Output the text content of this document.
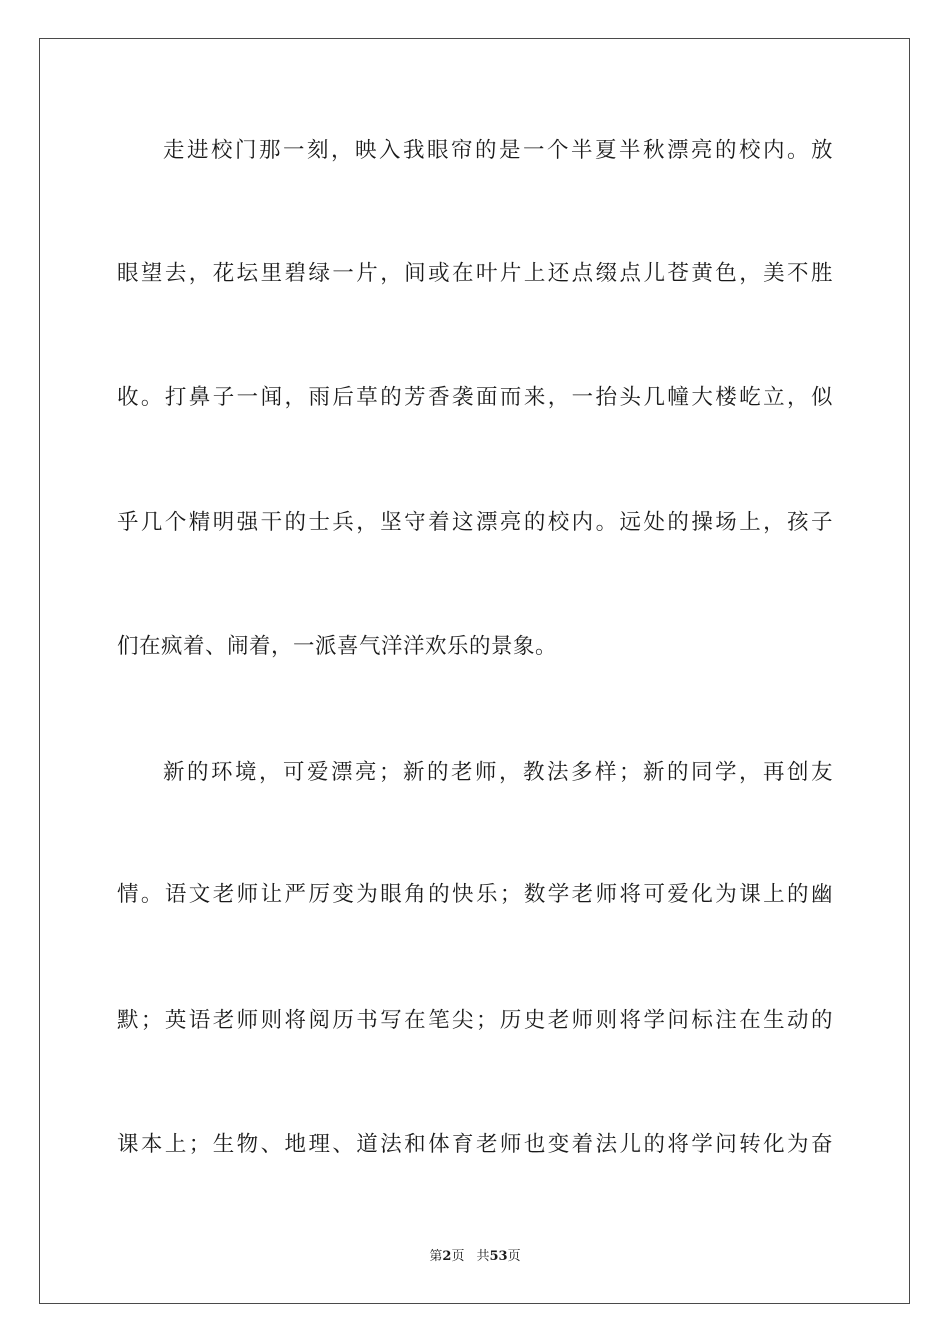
走进校门那一刻，映入我眼帘的是一个半夏半秋漂亮的校内。放
眼望去，花坛里碧绿一片，间或在叶片上还点缀点儿苍黄色，美不胜
收。打鼻子一闻，雨后草的芳香袭面而来，一抬头几幢大楼屹立，似
乎几个精明强干的士兵，坚守着这漂亮的校内。远处的操场上，孩子
们在疯着、闹着，一派喜气洋洋欢乐的景象。
新的环境，可爱漂亮；新的老师，教法多样；新的同学，再创友
情。语文老师让严厉变为眼角的快乐；数学老师将可爱化为课上的幽
默；英语老师则将阅历书写在笔尖；历史老师则将学问标注在生动的
课本上；生物、地理、道法和体育老师也变着法儿的将学问转化为奋
第2页 共53页
